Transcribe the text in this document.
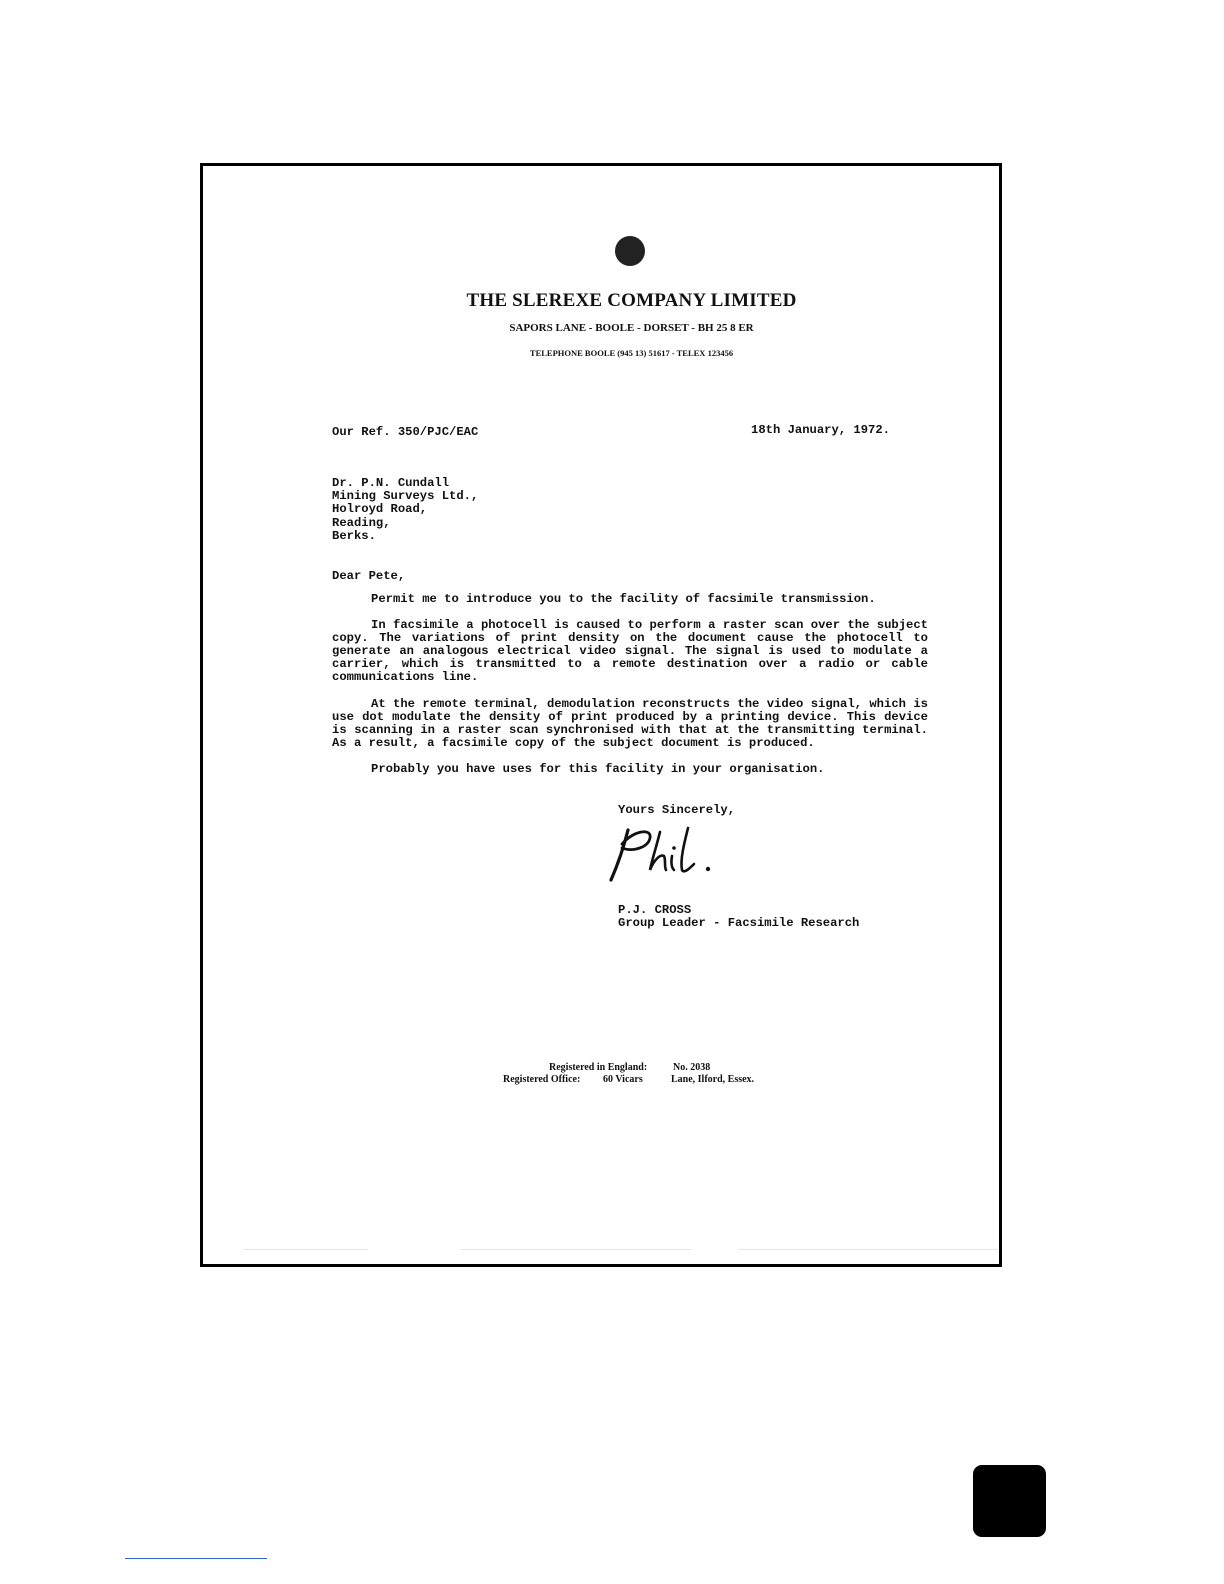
THE SLEREXE COMPANY LIMITED
SAPORS LANE - BOOLE - DORSET - BH 25 8 ER
TELEPHONE BOOLE (945 13) 51617 - TELEX 123456
Our Ref. 350/PJC/EAC	18th January, 1972.
Dr. P.N. Cundall
Mining Surveys Ltd.,
Holroyd Road,
Reading,
Berks.
Dear Pete,

Permit me to introduce you to the facility of facsimile transmission.

In facsimile a photocell is caused to perform a raster scan over the subject copy. The variations of print density on the document cause the photocell to generate an analogous electrical video signal. The signal is used to modulate a carrier, which is transmitted to a remote destination over a radio or cable communications line.

At the remote terminal, demodulation reconstructs the video signal, which is use dot modulate the density of print produced by a printing device. This device is scanning in a raster scan synchronised with that at the transmitting terminal. As a result, a facsimile copy of the subject document is produced.

Probably you have uses for this facility in your organisation.

Yours Sincerely,
P.J. CROSS
Group Leader - Facsimile Research
Registered in England:	No. 2038
Registered Office: 60 Vicars	Lane, Ilford, Essex.
